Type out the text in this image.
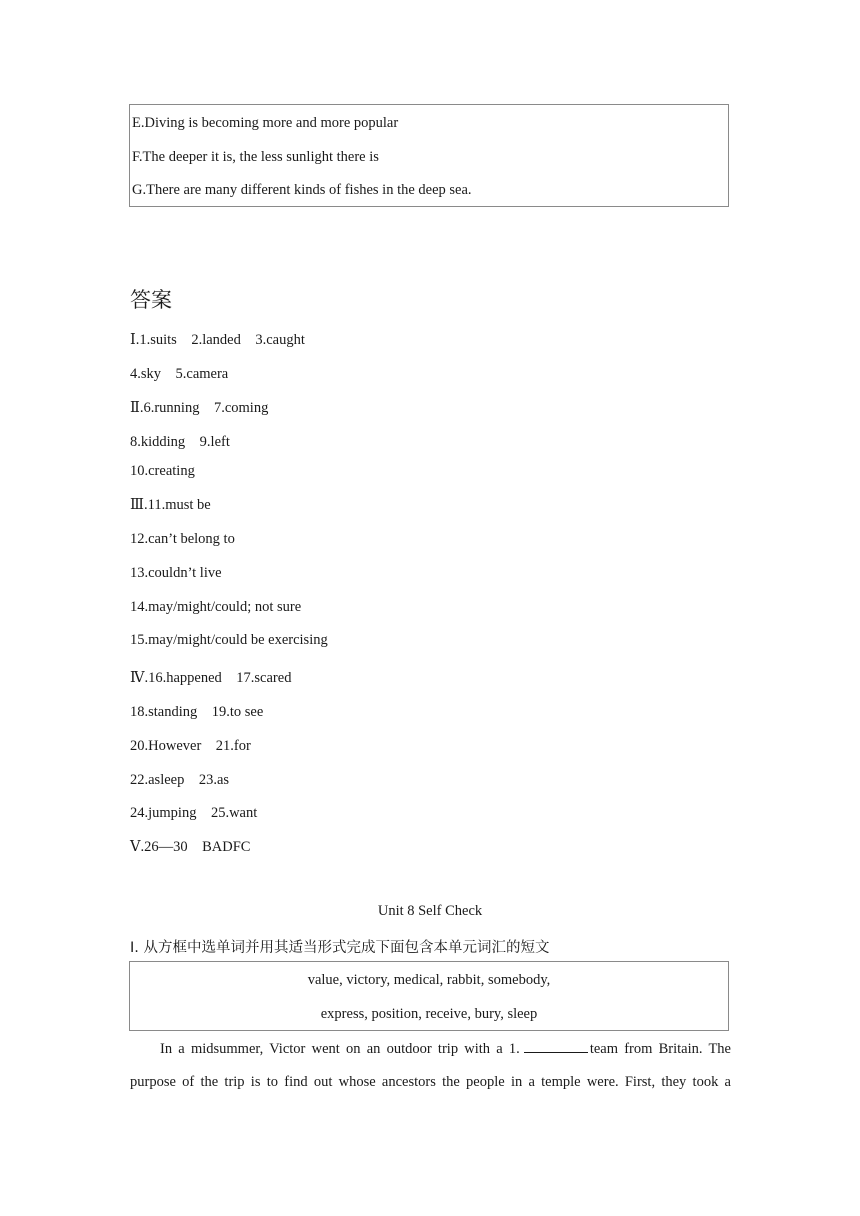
E.Diving is becoming more and more popular
F.The deeper it is, the less sunlight there is
G.There are many different kinds of fishes in the deep sea.
答案
Ⅰ.1.suits　2.landed　3.caught
4.sky　5.camera
Ⅱ.6.running　7.coming
8.kidding　9.left
10.creating
Ⅲ.11.must be
12.can’t belong to
13.couldn’t live
14.may/might/could; not sure
15.may/might/could be exercising
Ⅳ.16.happened　17.scared
18.standing　19.to see
20.However　21.for
22.asleep　23.as
24.jumping　25.want
Ⅴ.26—30　BADFC
Unit 8 Self Check
Ⅰ. 从方框中选单词并用其适当形式完成下面包含本单元词汇的短文
value, victory, medical, rabbit, somebody,
express, position, receive, bury, sleep
In a midsummer, Victor went on an outdoor trip with a 1.	team from Britain. The
purpose of the trip is to find out whose ancestors the people in a temple were. First, they took a
